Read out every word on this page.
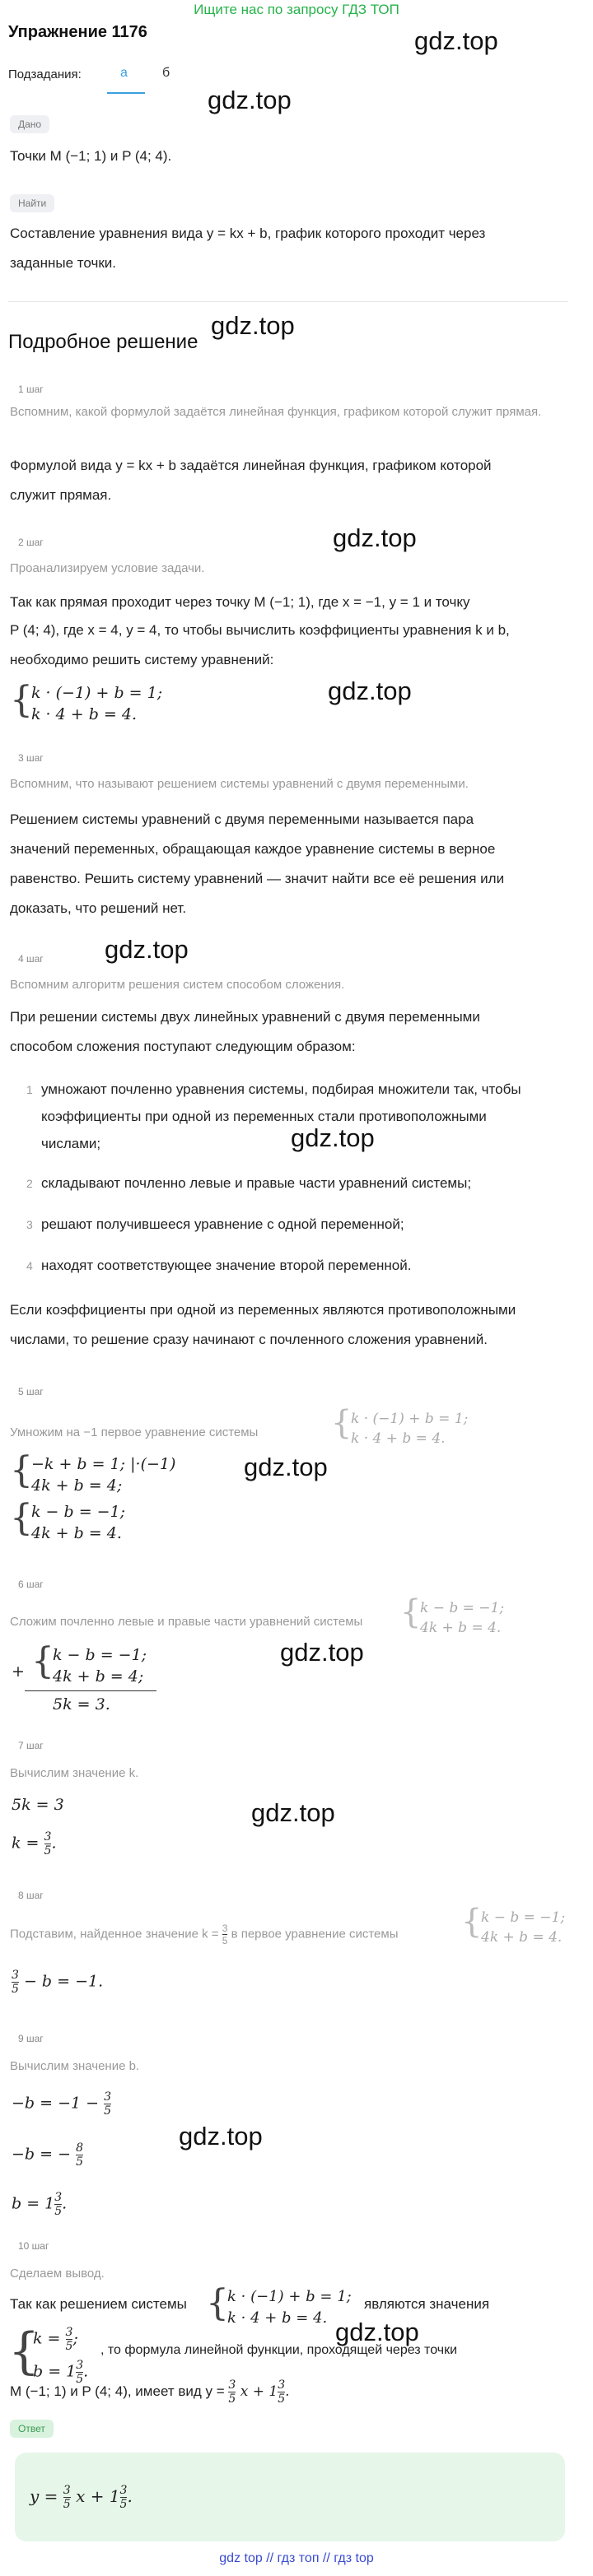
Ищите нас по запросу ГДЗ ТОП
Упражнение 1176
Подзадания:	а	б
gdz.top
gdz.top
gdz.top
gdz.top
gdz.top
gdz.top
gdz.top
gdz.top
gdz.top
gdz.top
gdz.top
gdz.top
Дано
Точки M (−1; 1) и P (4; 4).
Найти
Составление уравнения вида y = kx + b, график которого проходит через
заданные точки.
Подробное решение
1 шаг
Вспомним, какой формулой задаётся линейная функция, графиком которой служит прямая.
Формулой вида y = kx + b задаётся линейная функция, графиком которой
служит прямая.
2 шаг
Проанализируем условие задачи.
Так как прямая проходит через точку M (−1; 1), где x = −1, y = 1 и точку
P (4; 4), где x = 4, y = 4, то чтобы вычислить коэффициенты уравнения k и b,
необходимо решить систему уравнений:
{
k · (−1) + b = 1;
k · 4 + b = 4.
3 шаг
Вспомним, что называют решением системы уравнений с двумя переменными.
Решением системы уравнений с двумя переменными называется пара
значений переменных, обращающая каждое уравнение системы в верное
равенство. Решить систему уравнений — значит найти все её решения или
доказать, что решений нет.
4 шаг
Вспомним алгоритм решения систем способом сложения.
При решении системы двух линейных уравнений с двумя переменными
способом сложения поступают следующим образом:
1 умножают почленно уравнения системы, подбирая множители так, чтобы
коэффициенты при одной из переменных стали противоположными
числами;
2 складывают почленно левые и правые части уравнений системы;
3 решают получившееся уравнение с одной переменной;
4 находят соответствующее значение второй переменной.
Если коэффициенты при одной из переменных являются противоположными
числами, то решение сразу начинают с почленного сложения уравнений.
5 шаг
Умножим на −1 первое уравнение системы {
k · (−1) + b = 1;
k · 4 + b = 4.
{
−k + b = 1; |·(−1)
4k + b = 4;
{
k − b = −1;
4k + b = 4.
6 шаг
Сложим почленно левые и правые части уравнений системы {
k − b = −1;
4k + b = 4.
+ {
k − b = −1;
4k + b = 4;
5k = 3.
7 шаг
Вычислим значение k.
5k = 3
$k = \frac{3}{5}$ .
8 шаг
Подставим, найденное значение $k = \frac{3}{5}$ в первое уравнение системы {
k − b = −1;
4k + b = 4.
$\frac{3}{5} - b = -1$.
9 шаг
Вычислим значение b.
$-b = -1 - \frac{3}{5}$
−b = − $\frac{8}{5}$
$b = 1 \frac{3}{5}$ .
10 шаг
Сделаем вывод.
Так как решением системы {
k · (−1) + b = 1;
k · 4 + b = 4.
являются значения
{
$k = \frac{3}{5}$ ;
$b = 1 \frac{3}{5}$ .
, то формула линейной функции, проходящей через точки
M (−1; 1) и P (4; 4), имеет вид $y = \frac{3}{5}$ $x + 1 \frac{3}{5}$ .
Ответ
$y = \frac{3}{5}$ $x + 1 \frac{3}{5}$ .
gdz top // гдз топ // гдз top
